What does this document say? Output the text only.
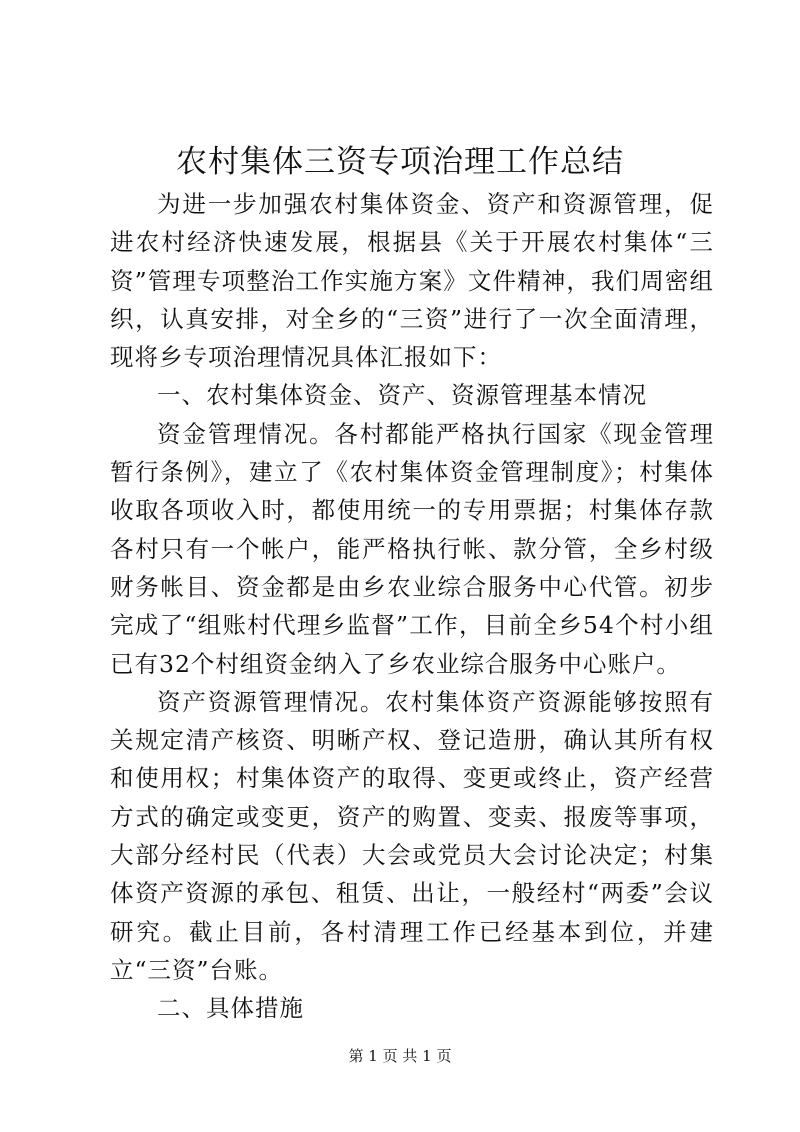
农村集体三资专项治理工作总结

为进一步加强农村集体资金、资产和资源管理，促进农村经济快速发展，根据县《关于开展农村集体“三资”管理专项整治工作实施方案》文件精神，我们周密组织，认真安排，对全乡的“三资”进行了一次全面清理，现将乡专项治理情况具体汇报如下：

一、农村集体资金、资产、资源管理基本情况

资金管理情况。各村都能严格执行国家《现金管理暂行条例》，建立了《农村集体资金管理制度》；村集体收取各项收入时，都使用统一的专用票据；村集体存款各村只有一个帐户，能严格执行帐、款分管，全乡村级财务帐目、资金都是由乡农业综合服务中心代管。初步完成了“组账村代理乡监督”工作，目前全乡54个村小组已有32个村组资金纳入了乡农业综合服务中心账户。

资产资源管理情况。农村集体资产资源能够按照有关规定清产核资、明晰产权、登记造册，确认其所有权和使用权；村集体资产的取得、变更或终止，资产经营方式的确定或变更，资产的购置、变卖、报废等事项，大部分经村民（代表）大会或党员大会讨论决定；村集体资产资源的承包、租赁、出让，一般经村“两委”会议研究。截止目前，各村清理工作已经基本到位，并建立“三资”台账。

二、具体措施

第 1 页 共 1 页
